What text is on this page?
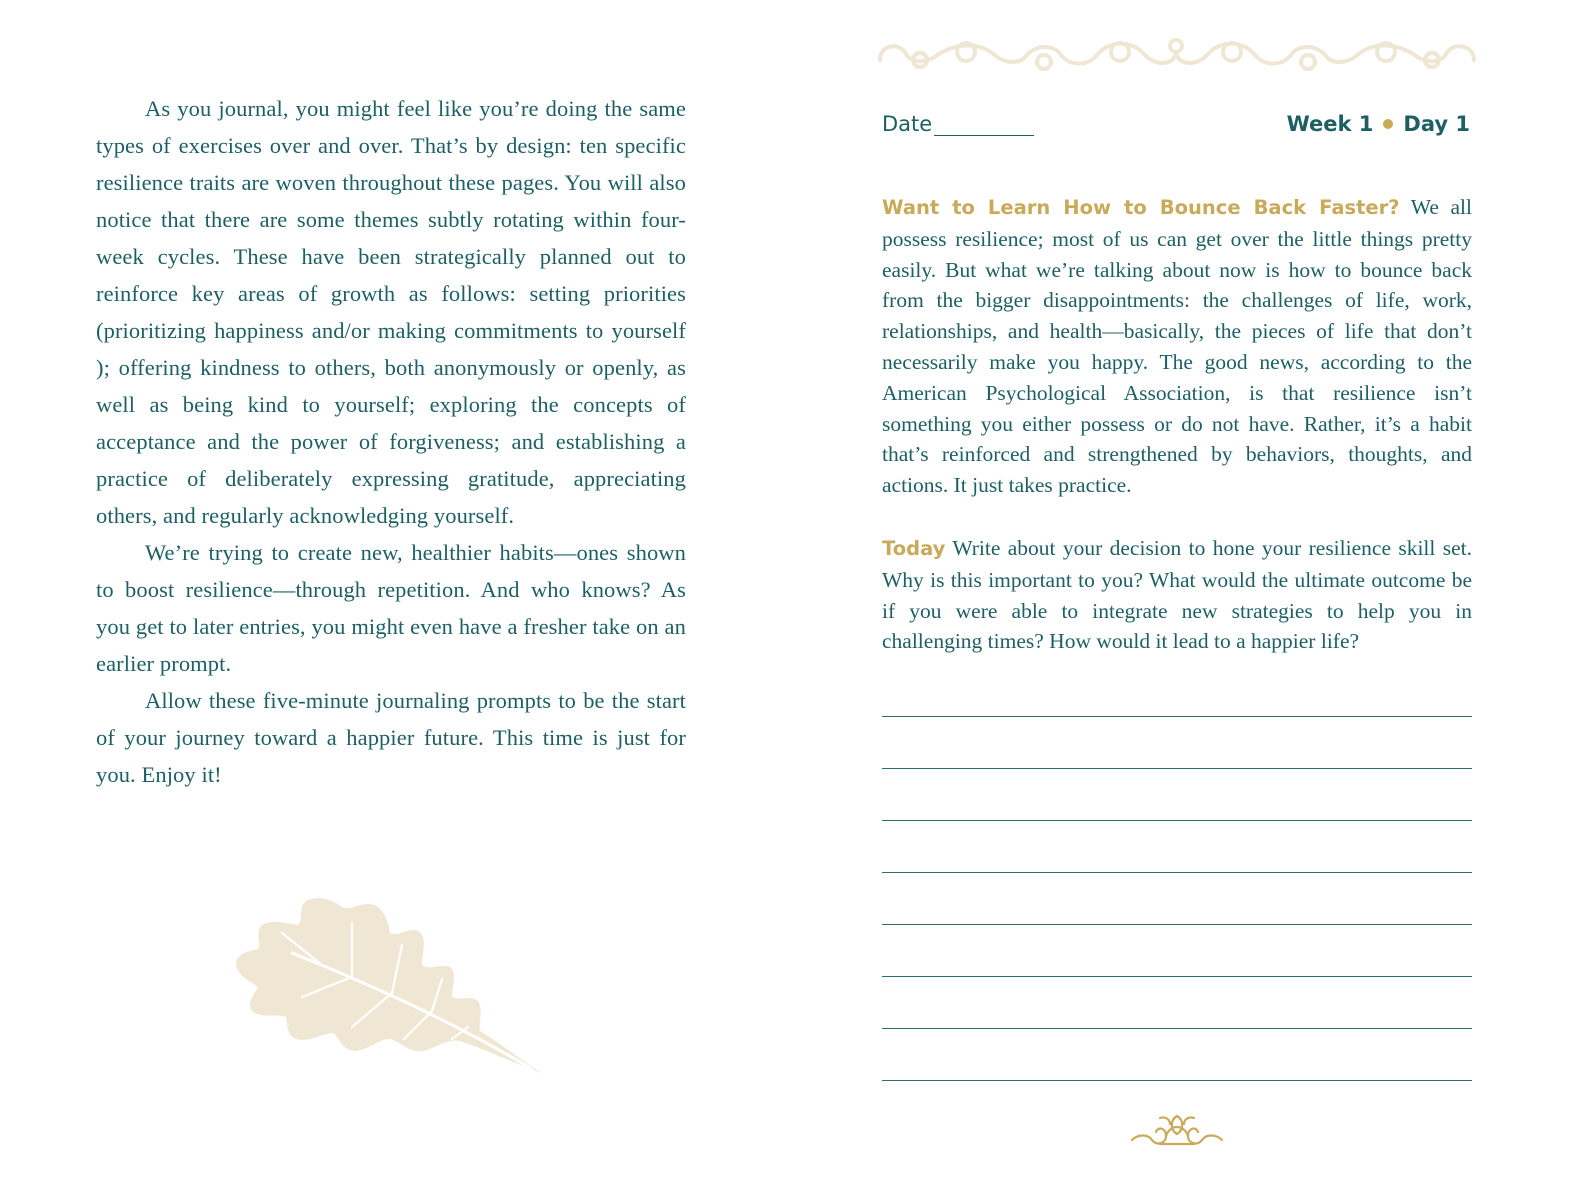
As you journal, you might feel like you’re doing the same types of exercises over and over. That’s by design: ten specific resilience traits are woven throughout these pages. You will also notice that there are some themes subtly rotating within four-week cycles. These have been strategically planned out to reinforce key areas of growth as follows: setting priorities (prioritizing happiness and/or making commitments to yourself ); offering kindness to others, both anonymously or openly, as well as being kind to yourself; exploring the concepts of acceptance and the power of forgiveness; and establishing a practice of deliberately expressing gratitude, appreciating others, and regularly acknowledging yourself.

We’re trying to create new, healthier habits—ones shown to boost resilience—through repetition. And who knows? As you get to later entries, you might even have a fresher take on an earlier prompt.

Allow these five-minute journaling prompts to be the start of your journey toward a happier future. This time is just for you. Enjoy it!

Date	Week 1 Day 1

Want to Learn How to Bounce Back Faster? We all possess resilience; most of us can get over the little things pretty easily. But what we’re talking about now is how to bounce back from the bigger disappointments: the challenges of life, work, relationships, and health—basically, the pieces of life that don’t necessarily make you happy. The good news, according to the American Psychological Association, is that resilience isn’t something you either possess or do not have. Rather, it’s a habit that’s reinforced and strengthened by behaviors, thoughts, and actions. It just takes practice.

Today Write about your decision to hone your resilience skill set. Why is this important to you? What would the ultimate outcome be if you were able to integrate new strategies to help you in challenging times? How would it lead to a happier life?
